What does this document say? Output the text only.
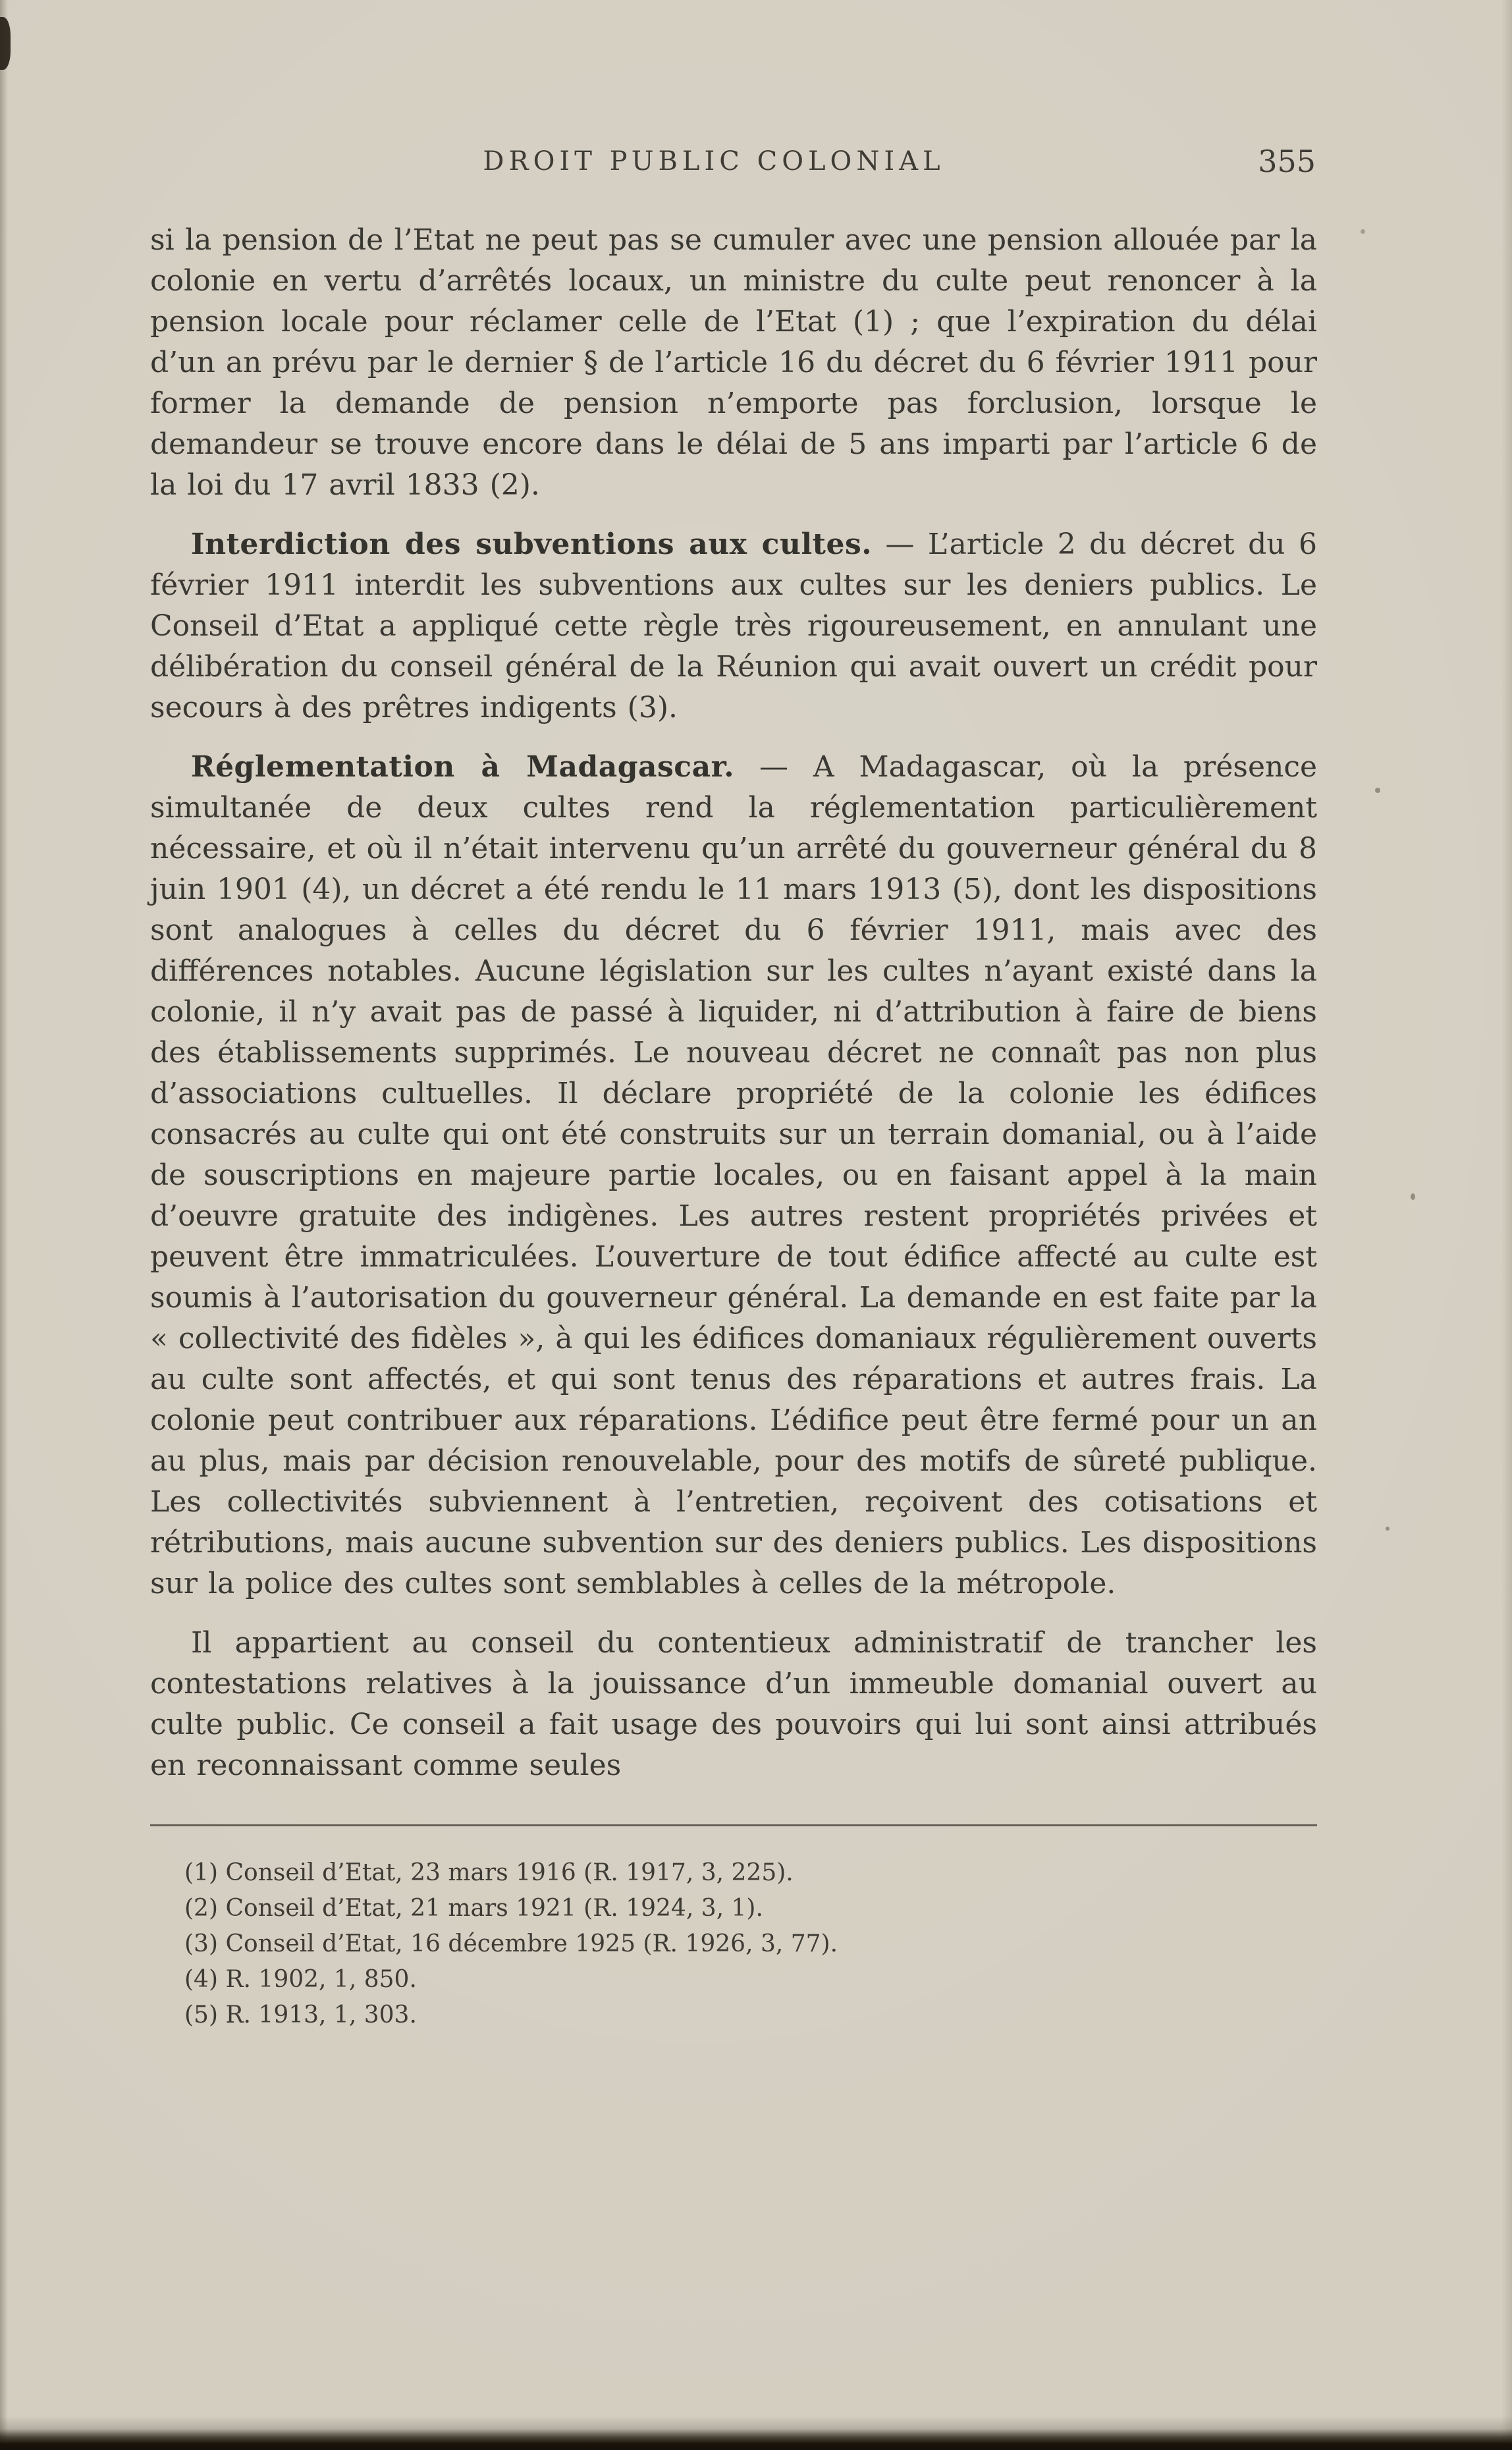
DROIT PUBLIC COLONIAL	355

si la pension de l’Etat ne peut pas se cumuler avec une pension allouée par la colonie en vertu d’arrêtés locaux, un ministre du culte peut renoncer à la pension locale pour réclamer celle de l’Etat (1) ; que l’expiration du délai d’un an prévu par le dernier § de l’article 16 du décret du 6 février 1911 pour former la demande de pension n’emporte pas forclusion, lorsque le demandeur se trouve encore dans le délai de 5 ans imparti par l’article 6 de la loi du 17 avril 1833 (2).

Interdiction des subventions aux cultes. — L’article 2 du décret du 6 février 1911 interdit les subventions aux cultes sur les deniers publics. Le Conseil d’Etat a appliqué cette règle très rigoureusement, en annulant une délibération du conseil général de la Réunion qui avait ouvert un crédit pour secours à des prêtres indigents (3).

Réglementation à Madagascar. — A Madagascar, où la présence simultanée de deux cultes rend la réglementation particulièrement nécessaire, et où il n’était intervenu qu’un arrêté du gouverneur général du 8 juin 1901 (4), un décret a été rendu le 11 mars 1913 (5), dont les dispositions sont analogues à celles du décret du 6 février 1911, mais avec des différences notables. Aucune législation sur les cultes n’ayant existé dans la colonie, il n’y avait pas de passé à liquider, ni d’attribution à faire de biens des établissements supprimés. Le nouveau décret ne connaît pas non plus d’associations cultuelles. Il déclare propriété de la colonie les édifices consacrés au culte qui ont été construits sur un terrain domanial, ou à l’aide de souscriptions en majeure partie locales, ou en faisant appel à la main d’oeuvre gratuite des indigènes. Les autres restent propriétés privées et peuvent être immatriculées. L’ouverture de tout édifice affecté au culte est soumis à l’autorisation du gouverneur général. La demande en est faite par la « collectivité des fidèles », à qui les édifices domaniaux régulièrement ouverts au culte sont affectés, et qui sont tenus des réparations et autres frais. La colonie peut contribuer aux réparations. L’édifice peut être fermé pour un an au plus, mais par décision renouvelable, pour des motifs de sûreté publique. Les collectivités subviennent à l’entretien, reçoivent des cotisations et rétributions, mais aucune subvention sur des deniers publics. Les dispositions sur la police des cultes sont semblables à celles de la métropole.

Il appartient au conseil du contentieux administratif de trancher les contestations relatives à la jouissance d’un immeuble domanial ouvert au culte public. Ce conseil a fait usage des pouvoirs qui lui sont ainsi attribués en reconnaissant comme seules

(1) Conseil d’Etat, 23 mars 1916 (R. 1917, 3, 225).
(2) Conseil d’Etat, 21 mars 1921 (R. 1924, 3, 1).
(3) Conseil d’Etat, 16 décembre 1925 (R. 1926, 3, 77).
(4) R. 1902, 1, 850.
(5) R. 1913, 1, 303.
